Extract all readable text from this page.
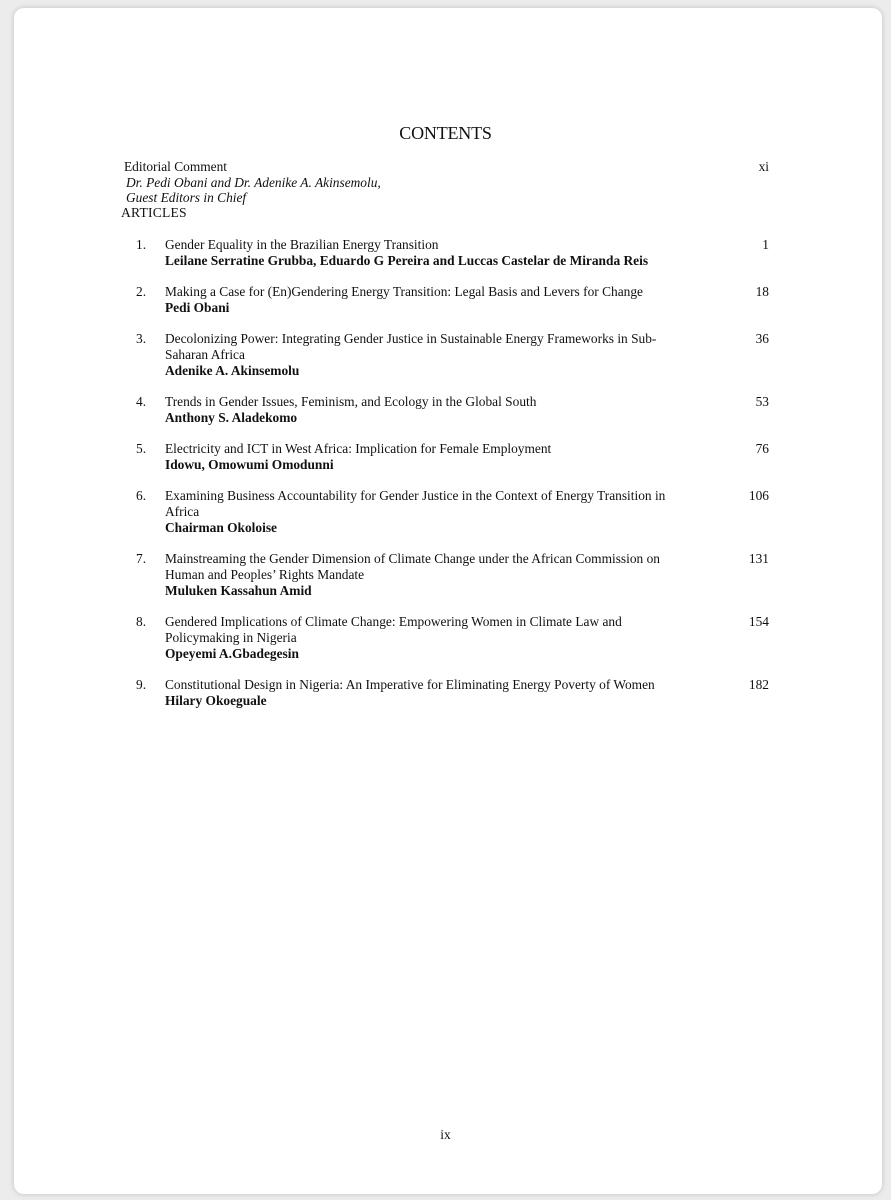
CONTENTS
Editorial Comment
Dr. Pedi Obani and Dr. Adenike A. Akinsemolu,
Guest Editors in Chief
xi
ARTICLES
1. Gender Equality in the Brazilian Energy Transition
Leilane Serratine Grubba, Eduardo G Pereira and Luccas Castelar de Miranda Reis
1
2. Making a Case for (En)Gendering Energy Transition: Legal Basis and Levers for Change
Pedi Obani
18
3. Decolonizing Power: Integrating Gender Justice in Sustainable Energy Frameworks in Sub-Saharan Africa
Adenike A. Akinsemolu
36
4. Trends in Gender Issues, Feminism, and Ecology in the Global South
Anthony S. Aladekomo
53
5. Electricity and ICT in West Africa: Implication for Female Employment
Idowu, Omowumi Omodunni
76
6. Examining Business Accountability for Gender Justice in the Context of Energy Transition in Africa
Chairman Okoloise
106
7. Mainstreaming the Gender Dimension of Climate Change under the African Commission on Human and Peoples’ Rights Mandate
Muluken Kassahun Amid
131
8. Gendered Implications of Climate Change: Empowering Women in Climate Law and Policymaking in Nigeria
Opeyemi A.Gbadegesin
154
9. Constitutional Design in Nigeria: An Imperative for Eliminating Energy Poverty of Women
Hilary Okoeguale
182
ix
